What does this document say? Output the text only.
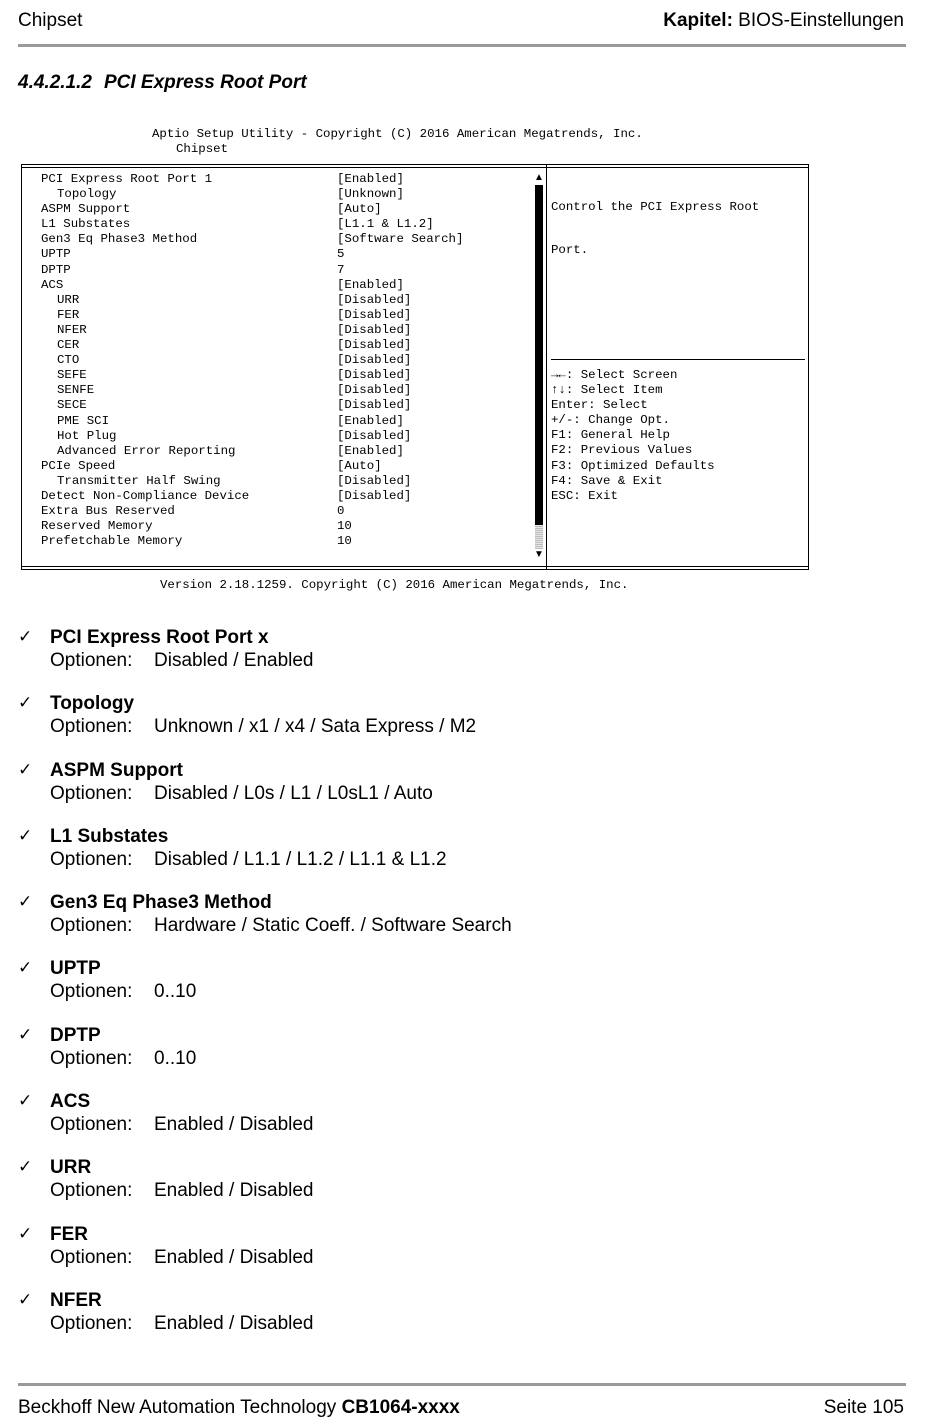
Chipset	Kapitel: BIOS-Einstellungen
4.4.2.1.2 PCI Express Root Port
Aptio Setup Utility - Copyright (C) 2016 American Megatrends, Inc.
Chipset
PCI Express Root Port 1	[Enabled]
Topology	[Unknown]
ASPM Support	[Auto]
L1 Substates	[L1.1 & L1.2]
Gen3 Eq Phase3 Method	[Software Search]
UPTP	5
DPTP	7
ACS	[Enabled]
URR	[Disabled]
FER	[Disabled]
NFER	[Disabled]
CER	[Disabled]
CTO	[Disabled]
SEFE	[Disabled]
SENFE	[Disabled]
SECE	[Disabled]
PME SCI	[Enabled]
Hot Plug	[Disabled]
Advanced Error Reporting	[Enabled]
PCIe Speed	[Auto]
Transmitter Half Swing	[Disabled]
Detect Non-Compliance Device	[Disabled]
Extra Bus Reserved	0
Reserved Memory	10
Prefetchable Memory	10
▲
▼

Control the PCI Express Root

Port.

→←: Select Screen
↑↓: Select Item
Enter: Select
+/-: Change Opt.
F1: General Help
F2: Previous Values
F3: Optimized Defaults
F4: Save & Exit
ESC: Exit
Version 2.18.1259. Copyright (C) 2016 American Megatrends, Inc.
✓ PCI Express Root Port x
Optionen: Disabled / Enabled
✓ Topology
Optionen: Unknown / x1 / x4 / Sata Express / M2
✓ ASPM Support
Optionen: Disabled / L0s / L1 / L0sL1 / Auto
✓ L1 Substates
Optionen: Disabled / L1.1 / L1.2 / L1.1 & L1.2
✓ Gen3 Eq Phase3 Method
Optionen: Hardware / Static Coeff. / Software Search
✓ UPTP
Optionen: 0..10
✓ DPTP
Optionen: 0..10
✓ ACS
Optionen: Enabled / Disabled
✓ URR
Optionen: Enabled / Disabled
✓ FER
Optionen: Enabled / Disabled
✓ NFER
Optionen: Enabled / Disabled
Beckhoff New Automation Technology CB1064-xxxx	Seite 105
